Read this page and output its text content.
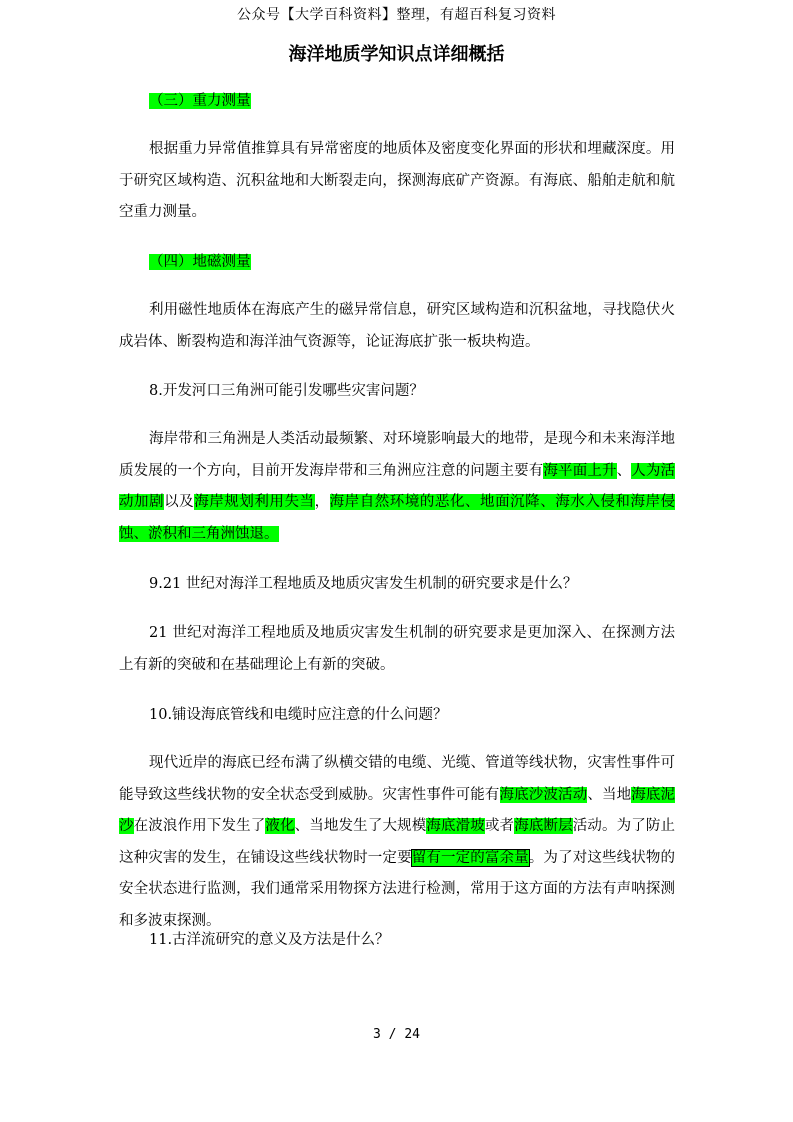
公众号【大学百科资料】整理，有超百科复习资料
海洋地质学知识点详细概括
（三）重力测量
根据重力异常值推算具有异常密度的地质体及密度变化界面的形状和埋藏深度。用于研究区域构造、沉积盆地和大断裂走向，探测海底矿产资源。有海底、船舶走航和航空重力测量。
（四）地磁测量
利用磁性地质体在海底产生的磁异常信息，研究区域构造和沉积盆地，寻找隐伏火成岩体、断裂构造和海洋油气资源等，论证海底扩张一板块构造。
8.开发河口三角洲可能引发哪些灾害问题？
海岸带和三角洲是人类活动最频繁、对环境影响最大的地带，是现今和未来海洋地质发展的一个方向，目前开发海岸带和三角洲应注意的问题主要有海平面上升、人为活动加剧以及海岸规划利用失当，海岸自然环境的恶化、地面沉降、海水入侵和海岸侵蚀、淤积和三角洲蚀退。
9.21 世纪对海洋工程地质及地质灾害发生机制的研究要求是什么？
21 世纪对海洋工程地质及地质灾害发生机制的研究要求是更加深入、在探测方法上有新的突破和在基础理论上有新的突破。
10.铺设海底管线和电缆时应注意的什么问题？
现代近岸的海底已经布满了纵横交错的电缆、光缆、管道等线状物，灾害性事件可能导致这些线状物的安全状态受到威胁。灾害性事件可能有海底沙波活动、当地海底泥沙在波浪作用下发生了液化、当地发生了大规模海底滑坡或者海底断层活动。为了防止这种灾害的发生，在铺设这些线状物时一定要留有一定的富余量。为了对这些线状物的安全状态进行监测，我们通常采用物探方法进行检测，常用于这方面的方法有声呐探测和多波束探测。
11.古洋流研究的意义及方法是什么？
3 / 24
